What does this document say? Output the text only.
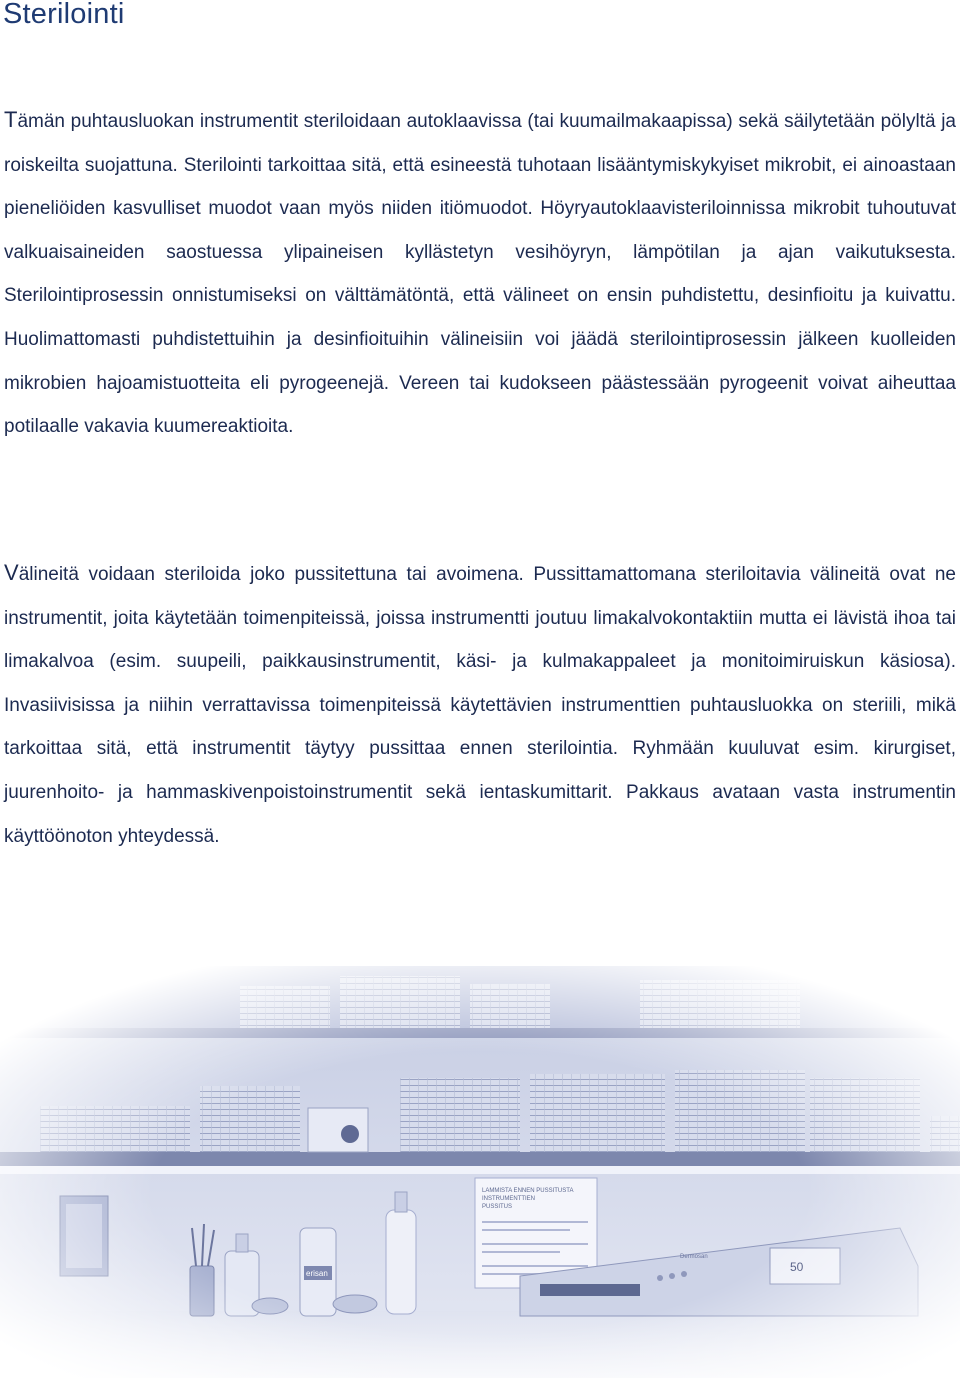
Sterilointi

Tämän puhtausluokan instrumentit steriloidaan autoklaavissa (tai kuumailmakaapissa) sekä säilytetään pölyltä ja roiskeilta suojattuna. Sterilointi tarkoittaa sitä, että esineestä tuhotaan lisääntymiskykyiset mikrobit, ei ainoastaan pieneliöiden kasvulliset muodot vaan myös niiden itiömuodot. Höyryautoklaavisteriloinnissa mikrobit tuhoutuvat valkuaisaineiden saostuessa ylipaineisen kyllästetyn vesihöyryn, lämpötilan ja ajan vaikutuksesta. Sterilointiprosessin onnistumiseksi on välttämätöntä, että välineet on ensin puhdistettu, desinfioitu ja kuivattu. Huolimattomasti puhdistettuihin ja desinfioituihin välineisiin voi jäädä sterilointiprosessin jälkeen kuolleiden mikrobien hajoamistuotteita eli pyrogeenejä. Vereen tai kudokseen päästessään pyrogeenit voivat aiheuttaa potilaalle vakavia kuumereaktioita.

Välineitä voidaan steriloida joko pussitettuna tai avoimena. Pussittamattomana steriloitavia välineitä ovat ne instrumentit, joita käytetään toimenpiteissä, joissa instrumentti joutuu limakalvokontaktiin mutta ei lävistä ihoa tai limakalvoa (esim. suupeili, paikkausinstrumentit, käsi- ja kulmakappaleet ja monitoimiruiskun käsiosa). Invasiivisissa ja niihin verrattavissa toimenpiteissä käytettävien instrumenttien puhtausluokka on steriili, mikä tarkoittaa sitä, että instrumentit täytyy pussittaa ennen sterilointia. Ryhmään kuuluvat esim. kirurgiset, juurenhoito- ja hammaskivenpoistoinstrumentit sekä ientaskumittarit. Pakkaus avataan vasta instrumentin käyttöönoton yhteydessä.
